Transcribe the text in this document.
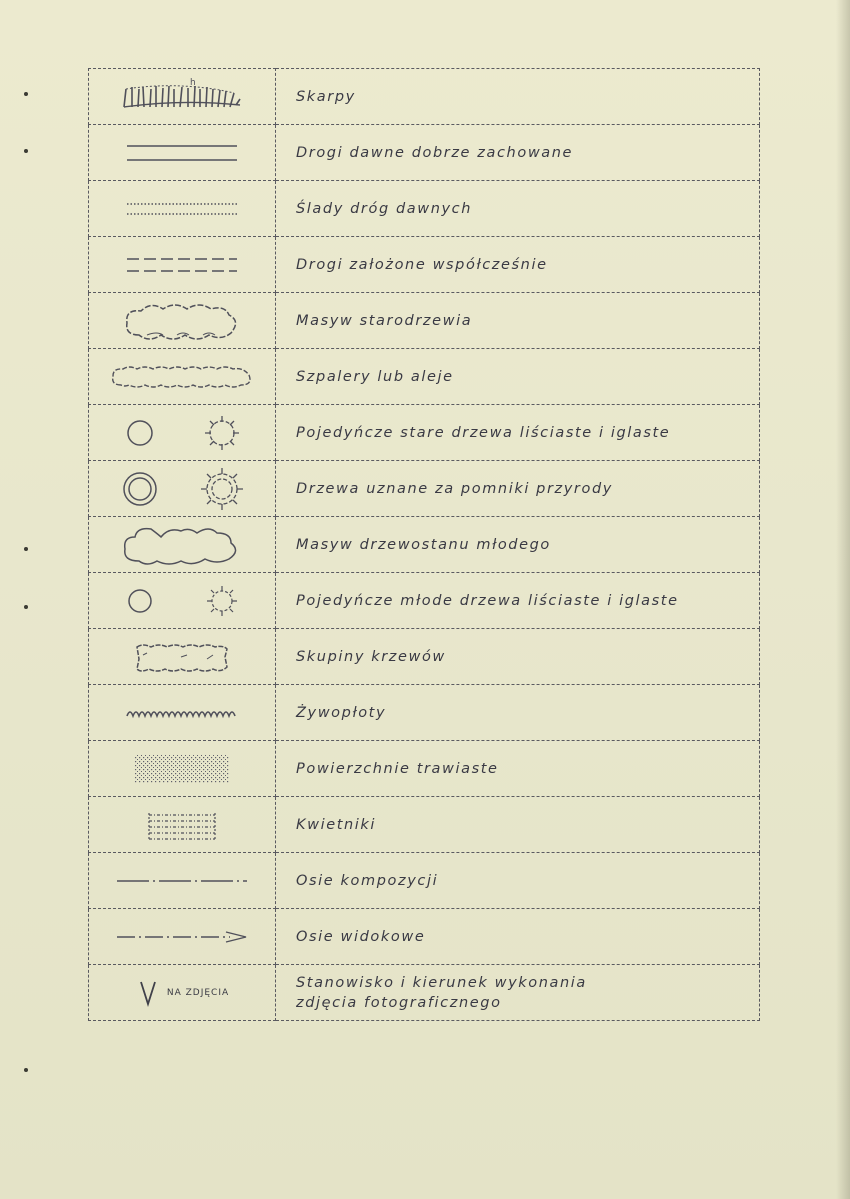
h	Skarpy

	Drogi dawne dobrze zachowane

	Ślady dróg dawnych

	Drogi założone współcześnie

	Masyw starodrzewia

	Szpalery lub aleje

	Pojedyńcze stare drzewa liściaste i iglaste

	Drzewa uznane za pomniki przyrody

	Masyw drzewostanu młodego

	Pojedyńcze młode drzewa liściaste i iglaste

	Skupiny krzewów

	Żywopłoty

	Powierzchnie trawiaste

	Kwietniki

	Osie kompozycji

	Osie widokowe

NA ZDJĘCIA	Stanowisko i kierunek wykonania
zdjęcia fotograficznego
